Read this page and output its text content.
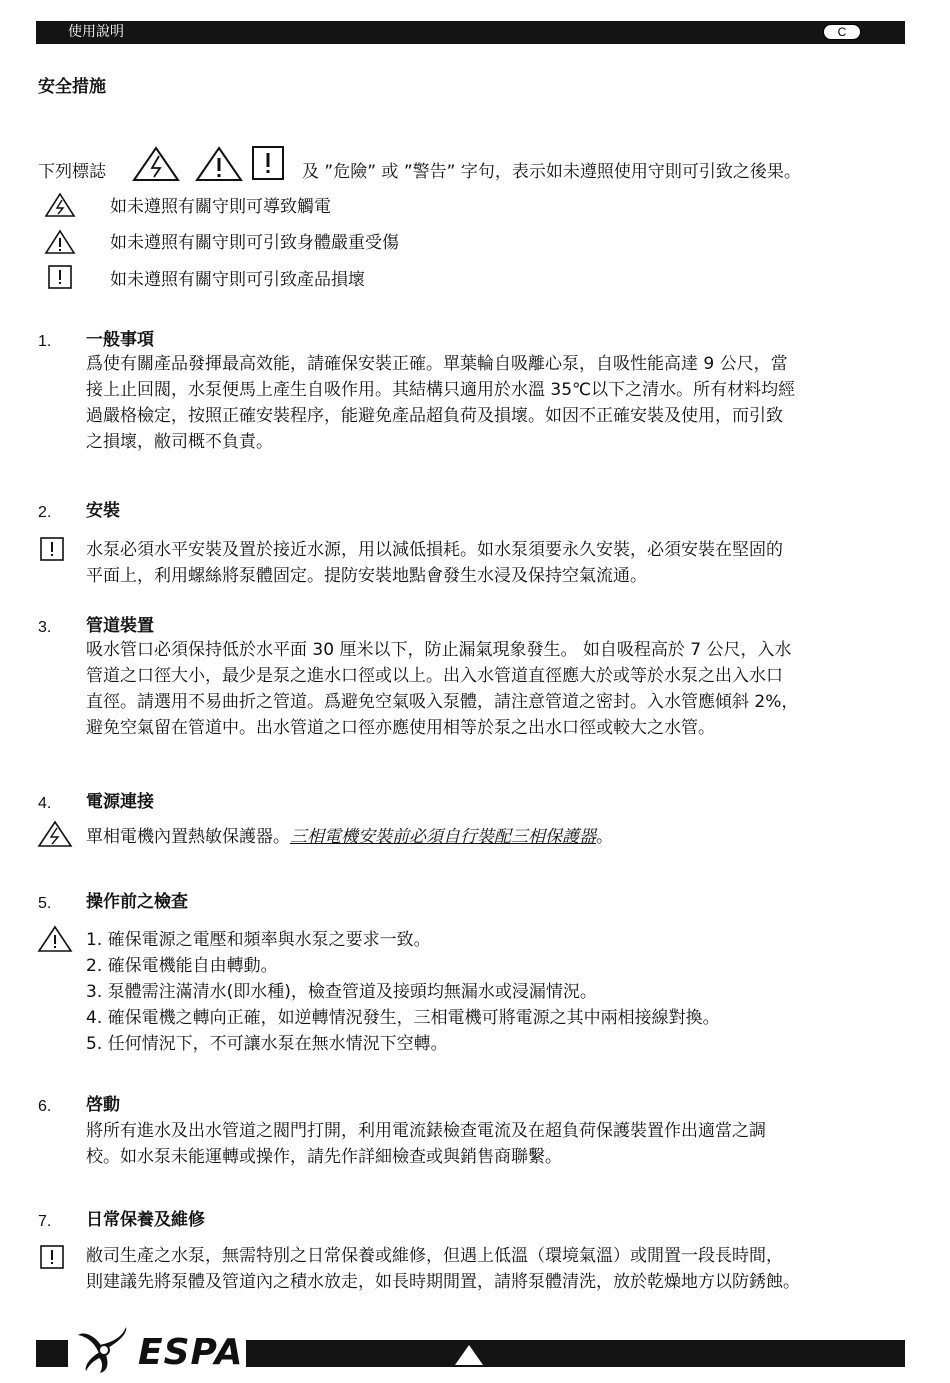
使用說明	C
安全措施
下列標誌	及 ”危險” 或 ”警告” 字句，表示如未遵照使用守則可引致之後果。
如未遵照有關守則可導致觸電
如未遵照有關守則可引致身體嚴重受傷
如未遵照有關守則可引致產品損壞
1. 一般事項
爲使有關產品發揮最高效能，請確保安裝正確。單葉輪自吸離心泵，自吸性能高達 9 公尺，當
接上止回閥，水泵便馬上產生自吸作用。其結構只適用於水溫 35℃以下之清水。所有材料均經
過嚴格檢定，按照正確安裝程序，能避免產品超負荷及損壞。如因不正確安裝及使用，而引致
之損壞，敝司概不負責。
2. 安裝
水泵必須水平安裝及置於接近水源，用以減低損耗。如水泵須要永久安裝，必須安裝在堅固的
平面上，利用螺絲將泵體固定。提防安裝地點會發生水浸及保持空氣流通。
3. 管道裝置
吸水管口必須保持低於水平面 30 厘米以下，防止漏氣現象發生。 如自吸程高於 7 公尺，入水
管道之口徑大小，最少是泵之進水口徑或以上。出入水管道直徑應大於或等於水泵之出入水口
直徑。請選用不易曲折之管道。爲避免空氣吸入泵體，請注意管道之密封。入水管應傾斜 2%，
避免空氣留在管道中。出水管道之口徑亦應使用相等於泵之出水口徑或較大之水管。
4. 電源連接
單相電機內置熱敏保護器。三相電機安裝前必須自行裝配三相保護器。
5. 操作前之檢查
1. 確保電源之電壓和頻率與水泵之要求一致。
2. 確保電機能自由轉動。
3. 泵體需注滿清水(即水種)，檢查管道及接頭均無漏水或浸漏情況。
4. 確保電機之轉向正確，如逆轉情況發生，三相電機可將電源之其中兩相接線對換。
5. 任何情況下，不可讓水泵在無水情況下空轉。
6. 啓動
將所有進水及出水管道之閥門打開，利用電流錶檢查電流及在超負荷保護裝置作出適當之調
校。如水泵未能運轉或操作，請先作詳細檢查或與銷售商聯繫。
7. 日常保養及維修
敝司生產之水泵，無需特別之日常保養或維修，但遇上低溫（環境氣溫）或閒置一段長時間，
則建議先將泵體及管道內之積水放走，如長時期閒置，請將泵體清洗，放於乾燥地方以防銹蝕。
ESPA
